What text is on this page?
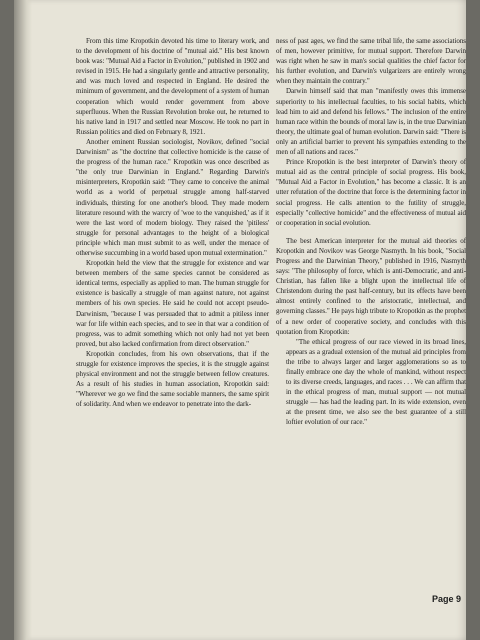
From this time Kropotkin devoted his time to literary work, and to the development of his doctrine of "mutual aid." His best known book was: "Mutual Aid a Factor in Evolution," published in 1902 and revised in 1915. He had a singularly gentle and attractive personality, and was much loved and respected in England. He desired the minimum of government, and the development of a system of human cooperation which would render government from above superfluous. When the Russian Revolution broke out, he returned to his native land in 1917 and settled near Moscow. He took no part in Russian politics and died on February 8, 1921.

Another eminent Russian sociologist, Novikov, defined "social Darwinism" as "the doctrine that collective homicide is the cause of the progress of the human race." Kropotkin was once described as "the only true Darwinian in England." Regarding Darwin's misinterpreters, Kropotkin said: "They came to conceive the animal world as a world of perpetual struggle among half-starved individuals, thirsting for one another's blood. They made modern literature resound with the warcry of 'woe to the vanquished,' as if it were the last word of modern biology. They raised the 'pitiless' struggle for personal advantages to the height of a biological principle which man must submit to as well, under the menace of otherwise succumbing in a world based upon mutual extermination."

Kropotkin held the view that the struggle for existence and war between members of the same species cannot be considered as identical terms, especially as applied to man. The human struggle for existence is basically a struggle of man against nature, not against members of his own species. He said he could not accept pseudo-Darwinism, "because I was persuaded that to admit a pitiless inner war for life within each species, and to see in that war a condition of progress, was to admit something which not only had not yet been proved, but also lacked confirmation from direct observation."

Kropotkin concludes, from his own observations, that if the struggle for existence improves the species, it is the struggle against physical environment and not the struggle between fellow creatures. As a result of his studies in human association, Kropotkin said: "Wherever we go we find the same sociable manners, the same spirit of solidarity. And when we endeavor to penetrate into the dark-

ness of past ages, we find the same tribal life, the same associations of men, however primitive, for mutual support. Therefore Darwin was right when he saw in man's social qualities the chief factor for his further evolution, and Darwin's vulgarizers are entirely wrong when they maintain the contrary."

Darwin himself said that man "manifestly owes this immense superiority to his intellectual faculties, to his social habits, which lead him to aid and defend his fellows." The inclusion of the entire human race within the bounds of moral law is, in the true Darwinian theory, the ultimate goal of human evolution. Darwin said: "There is only an artificial barrier to prevent his sympathies extending to the men of all nations and races."

Prince Kropotkin is the best interpreter of Darwin's theory of mutual aid as the central principle of social progress. His book, "Mutual Aid a Factor in Evolution," has become a classic. It is an utter refutation of the doctrine that force is the determining factor in social progress. He calls attention to the futility of struggle, especially "collective homicide" and the effectiveness of mutual aid or cooperation in social evolution.

The best American interpreter for the mutual aid theories of Kropotkin and Novikov was George Nasmyth. In his book, "Social Progress and the Darwinian Theory," published in 1916, Nasmyth says: "The philosophy of force, which is anti-Democratic, and anti-Christian, has fallen like a blight upon the intellectual life of Christendom during the past half-century, but its effects have been almost entirely confined to the aristocratic, intellectual, and governing classes." He pays high tribute to Kropotkin as the prophet of a new order of cooperative society, and concludes with this quotation from Kropotkin:

"The ethical progress of our race viewed in its broad lines, appears as a gradual extension of the mutual aid principles from the tribe to always larger and larger agglomerations so as to finally embrace one day the whole of mankind, without respect to its diverse creeds, languages, and races . . . We can affirm that in the ethical progress of man, mutual support — not mutual struggle — has had the leading part. In its wide extension, even at the present time, we also see the best guarantee of a still loftier evolution of our race."
Page 9
